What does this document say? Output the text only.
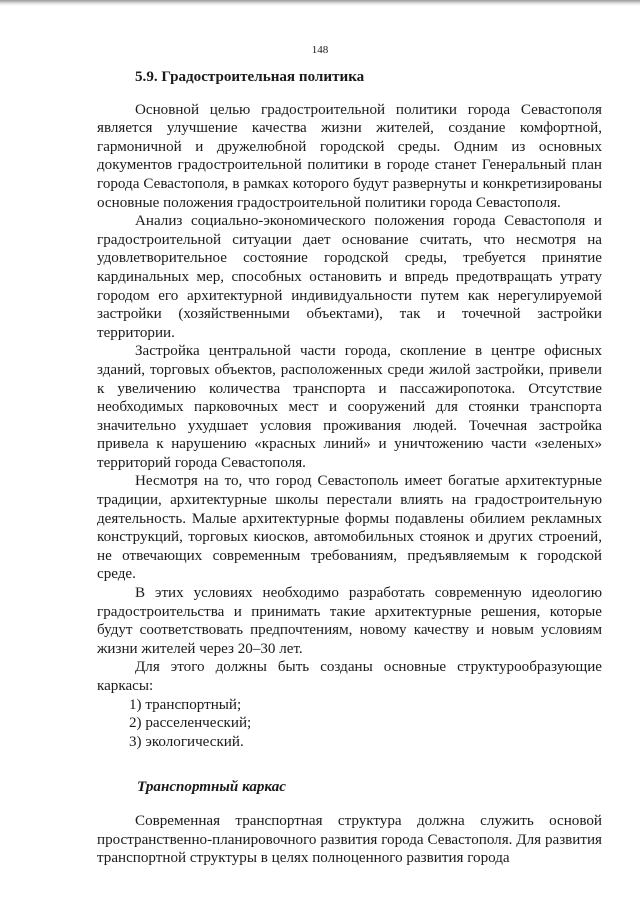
148
5.9. Градостроительная политика

Основной целью градостроительной политики города Севастополя является улучшение качества жизни жителей, создание комфортной, гармоничной и дружелюбной городской среды. Одним из основных документов градостроительной политики в городе станет Генеральный план города Севастополя, в рамках которого будут развернуты и конкретизированы основные положения градостроительной политики города Севастополя.

Анализ социально-экономического положения города Севастополя и градостроительной ситуации дает основание считать, что несмотря на удовлетворительное состояние городской среды, требуется принятие кардинальных мер, способных остановить и впредь предотвращать утрату городом его архитектурной индивидуальности путем как нерегулируемой застройки (хозяйственными объектами), так и точечной застройки территории.

Застройка центральной части города, скопление в центре офисных зданий, торговых объектов, расположенных среди жилой застройки, привели к увеличению количества транспорта и пассажиропотока. Отсутствие необходимых парковочных мест и сооружений для стоянки транспорта значительно ухудшает условия проживания людей. Точечная застройка привела к нарушению «красных линий» и уничтожению части «зеленых» территорий города Севастополя.

Несмотря на то, что город Севастополь имеет богатые архитектурные традиции, архитектурные школы перестали влиять на градостроительную деятельность. Малые архитектурные формы подавлены обилием рекламных конструкций, торговых киосков, автомобильных стоянок и других строений, не отвечающих современным требованиям, предъявляемым к городской среде.

В этих условиях необходимо разработать современную идеологию градостроительства и принимать такие архитектурные решения, которые будут соответствовать предпочтениям, новому качеству и новым условиям жизни жителей через 20–30 лет.

Для этого должны быть созданы основные структурообразующие каркасы:

1) транспортный;
2) расселенческий;
3) экологический.
Транспортный каркас

Современная транспортная структура должна служить основой пространственно-планировочного развития города Севастополя. Для развития транспортной структуры в целях полноценного развития города
